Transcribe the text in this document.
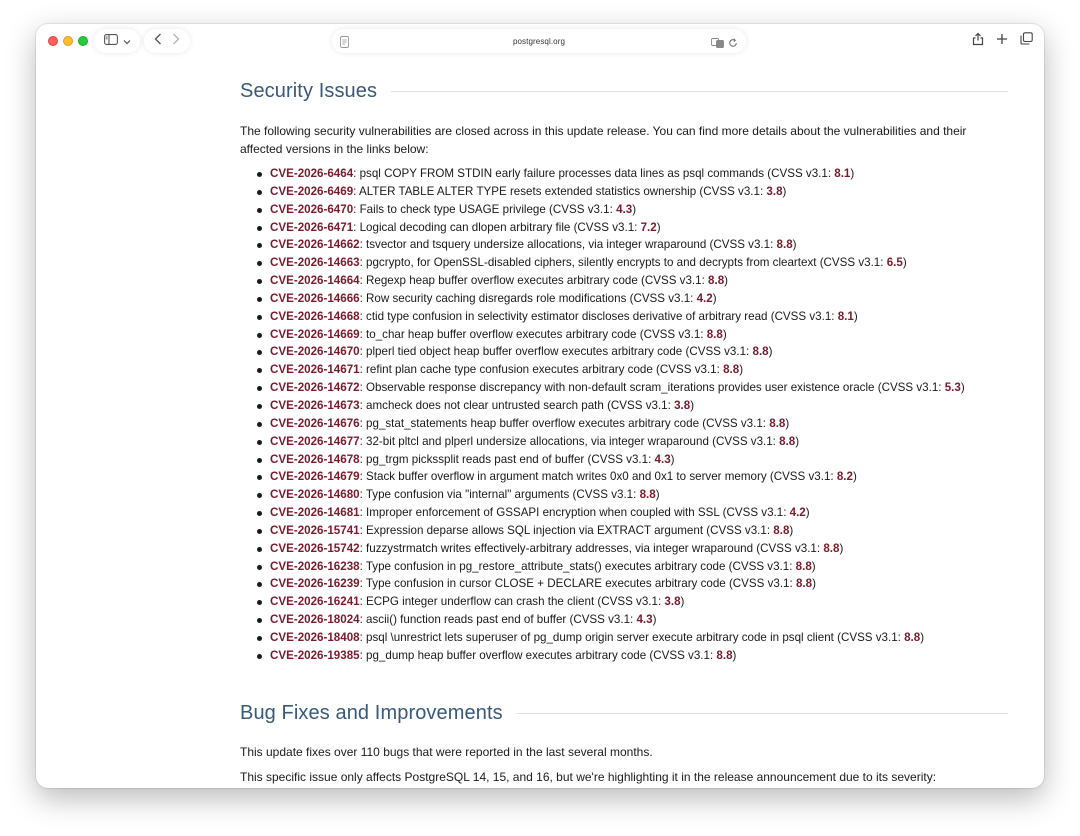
Security Issues

The following security vulnerabilities are closed across in this update release. You can find more details about the vulnerabilities and their affected versions in the links below:

CVE-2026-6464: psql COPY FROM STDIN early failure processes data lines as psql commands (CVSS v3.1: 8.1)
CVE-2026-6469: ALTER TABLE ALTER TYPE resets extended statistics ownership (CVSS v3.1: 3.8)
CVE-2026-6470: Fails to check type USAGE privilege (CVSS v3.1: 4.3)
CVE-2026-6471: Logical decoding can dlopen arbitrary file (CVSS v3.1: 7.2)
CVE-2026-14662: tsvector and tsquery undersize allocations, via integer wraparound (CVSS v3.1: 8.8)
CVE-2026-14663: pgcrypto, for OpenSSL-disabled ciphers, silently encrypts to and decrypts from cleartext (CVSS v3.1: 6.5)
CVE-2026-14664: Regexp heap buffer overflow executes arbitrary code (CVSS v3.1: 8.8)
CVE-2026-14666: Row security caching disregards role modifications (CVSS v3.1: 4.2)
CVE-2026-14668: ctid type confusion in selectivity estimator discloses derivative of arbitrary read (CVSS v3.1: 8.1)
CVE-2026-14669: to_char heap buffer overflow executes arbitrary code (CVSS v3.1: 8.8)
CVE-2026-14670: plperl tied object heap buffer overflow executes arbitrary code (CVSS v3.1: 8.8)
CVE-2026-14671: refint plan cache type confusion executes arbitrary code (CVSS v3.1: 8.8)
CVE-2026-14672: Observable response discrepancy with non-default scram_iterations provides user existence oracle (CVSS v3.1: 5.3)
CVE-2026-14673: amcheck does not clear untrusted search path (CVSS v3.1: 3.8)
CVE-2026-14676: pg_stat_statements heap buffer overflow executes arbitrary code (CVSS v3.1: 8.8)
CVE-2026-14677: 32-bit pltcl and plperl undersize allocations, via integer wraparound (CVSS v3.1: 8.8)
CVE-2026-14678: pg_trgm pickssplit reads past end of buffer (CVSS v3.1: 4.3)
CVE-2026-14679: Stack buffer overflow in argument match writes 0x0 and 0x1 to server memory (CVSS v3.1: 8.2)
CVE-2026-14680: Type confusion via "internal" arguments (CVSS v3.1: 8.8)
CVE-2026-14681: Improper enforcement of GSSAPI encryption when coupled with SSL (CVSS v3.1: 4.2)
CVE-2026-15741: Expression deparse allows SQL injection via EXTRACT argument (CVSS v3.1: 8.8)
CVE-2026-15742: fuzzystrmatch writes effectively-arbitrary addresses, via integer wraparound (CVSS v3.1: 8.8)
CVE-2026-16238: Type confusion in pg_restore_attribute_stats() executes arbitrary code (CVSS v3.1: 8.8)
CVE-2026-16239: Type confusion in cursor CLOSE + DECLARE executes arbitrary code (CVSS v3.1: 8.8)
CVE-2026-16241: ECPG integer underflow can crash the client (CVSS v3.1: 3.8)
CVE-2026-18024: ascii() function reads past end of buffer (CVSS v3.1: 4.3)
CVE-2026-18408: psql \unrestrict lets superuser of pg_dump origin server execute arbitrary code in psql client (CVSS v3.1: 8.8)
CVE-2026-19385: pg_dump heap buffer overflow executes arbitrary code (CVSS v3.1: 8.8)
Bug Fixes and Improvements

This update fixes over 110 bugs that were reported in the last several months.

This specific issue only affects PostgreSQL 14, 15, and 16, but we're highlighting it in the release announcement due to its severity:

postgresql.org
